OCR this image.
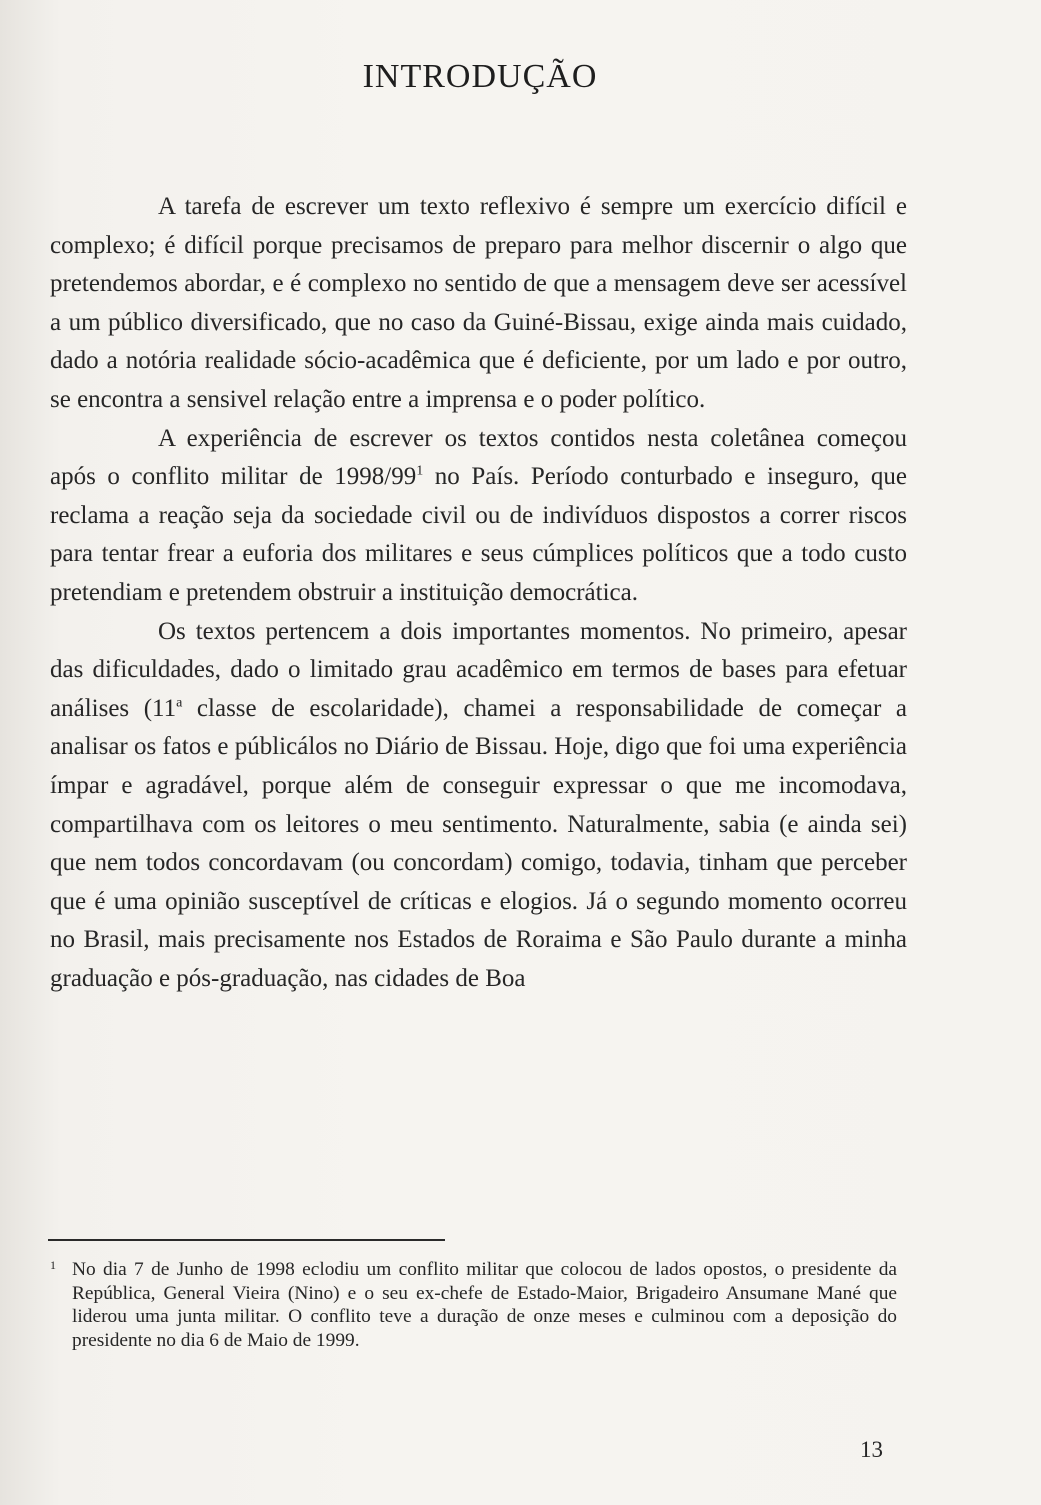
INTRODUÇÃO

A tarefa de escrever um texto reflexivo é sempre um exercício difícil e complexo; é difícil porque precisamos de preparo para melhor discernir o algo que pretendemos abordar, e é complexo no sentido de que a mensagem deve ser acessível a um público diversificado, que no caso da Guiné-Bissau, exige ainda mais cuidado, dado a notória realidade sócio-acadêmica que é deficiente, por um lado e por outro, se encontra a sensivel relação entre a imprensa e o poder político.

A experiência de escrever os textos contidos nesta coletânea começou após o conflito militar de 1998/99$^1$ no País. Período conturbado e inseguro, que reclama a reação seja da sociedade civil ou de indivíduos dispostos a correr riscos para tentar frear a euforia dos militares e seus cúmplices políticos que a todo custo pretendiam e pretendem obstruir a instituição democrática.

Os textos pertencem a dois importantes momentos. No primeiro, apesar das dificuldades, dado o limitado grau acadêmico em termos de bases para efetuar análises (11$^a$ classe de escolaridade), chamei a responsabilidade de começar a analisar os fatos e públicálos no Diário de Bissau. Hoje, digo que foi uma experiência ímpar e agradável, porque além de conseguir expressar o que me incomodava, compartilhava com os leitores o meu sentimento. Naturalmente, sabia (e ainda sei) que nem todos concordavam (ou concordam) comigo, todavia, tinham que perceber que é uma opinião susceptível de críticas e elogios. Já o segundo momento ocorreu no Brasil, mais precisamente nos Estados de Roraima e São Paulo durante a minha graduação e pós-graduação, nas cidades de Boa

1 No dia 7 de Junho de 1998 eclodiu um conflito militar que colocou de lados opostos, o presidente da República, General Vieira (Nino) e o seu ex-chefe de Estado-Maior, Brigadeiro Ansumane Mané que liderou uma junta militar. O conflito teve a duração de onze meses e culminou com a deposição do presidente no dia 6 de Maio de 1999.
13
